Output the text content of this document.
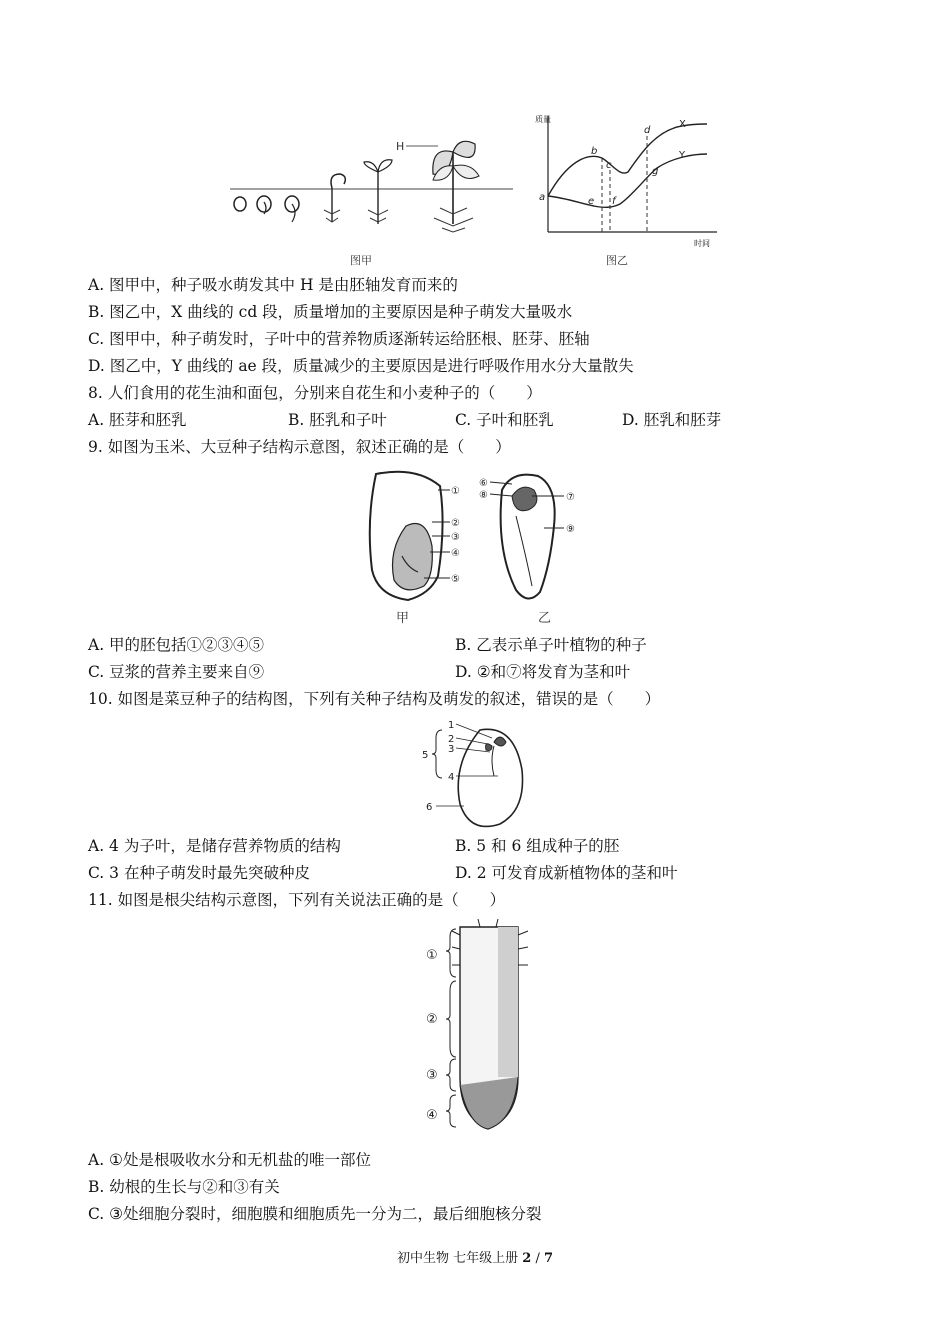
H
图甲
质量
时间
a
b
c
d
e f
g
X
Y
图乙
A. 图甲中，种子吸水萌发其中 H 是由胚轴发育而来的
B. 图乙中，X 曲线的 cd 段，质量增加的主要原因是种子萌发大量吸水
C. 图甲中，种子萌发时，子叶中的营养物质逐渐转运给胚根、胚芽、胚轴
D. 图乙中，Y 曲线的 ae 段，质量减少的主要原因是进行呼吸作用水分大量散失
8. 人们食用的花生油和面包，分别来自花生和小麦种子的（　　）
A. 胚芽和胚乳	B. 胚乳和子叶	C. 子叶和胚乳	D. 胚乳和胚芽
9. 如图为玉米、大豆种子结构示意图，叙述正确的是（　　）
①
②
③
④
⑤
甲
⑥
⑧	⑦
⑨
乙
A. 甲的胚包括①②③④⑤	B. 乙表示单子叶植物的种子
C. 豆浆的营养主要来自⑨	D. ②和⑦将发育为茎和叶
10. 如图是菜豆种子的结构图，下列有关种子结构及萌发的叙述，错误的是（　　）
1
2
3
4
5
6
A. 4 为子叶，是储存营养物质的结构	B. 5 和 6 组成种子的胚
C. 3 在种子萌发时最先突破种皮	D. 2 可发育成新植物体的茎和叶
11. 如图是根尖结构示意图，下列有关说法正确的是（　　）
①
②
③
④
A. ①处是根吸收水分和无机盐的唯一部位
B. 幼根的生长与②和③有关
C. ③处细胞分裂时，细胞膜和细胞质先一分为二，最后细胞核分裂
初中生物 七年级上册 2 / 7
